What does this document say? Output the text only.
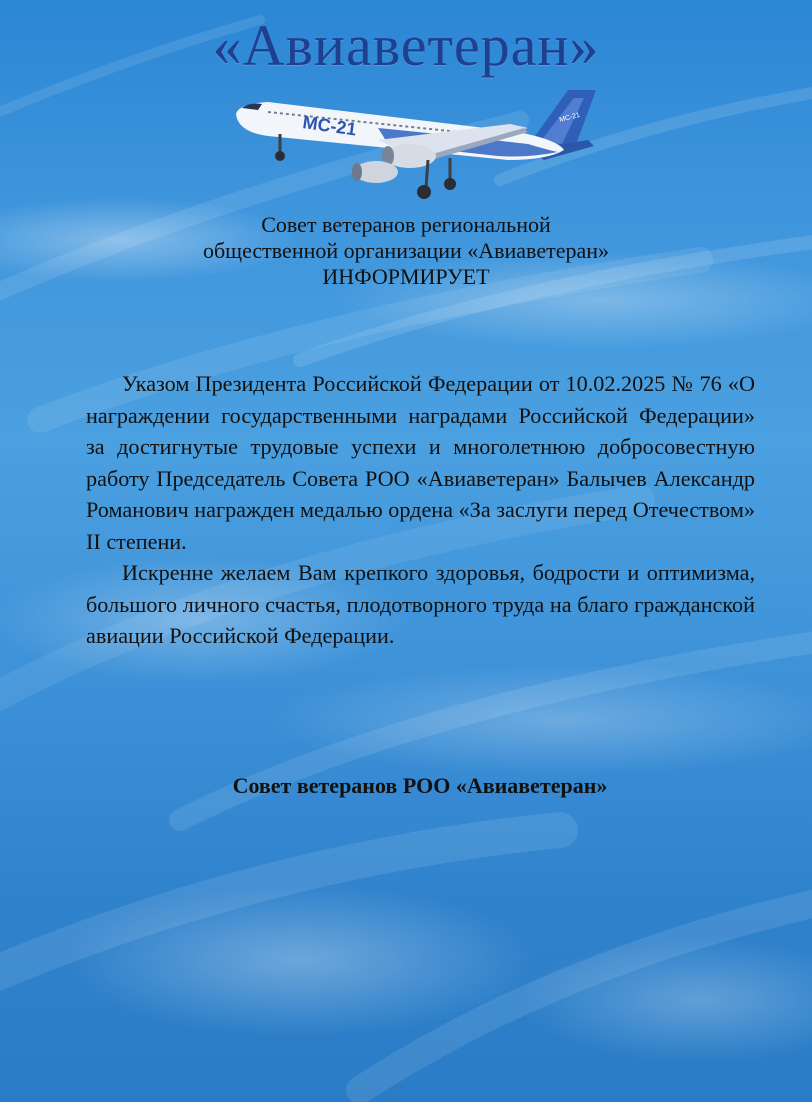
«Авиаветеран»
МС-21	МС-21
Совет ветеранов региональной
общественной организации «Авиаветеран»
ИНФОРМИРУЕТ

Указом Президента Российской Федерации от 10.02.2025 № 76 «О награждении государственными наградами Российской Федерации» за достигнутые трудовые успехи и многолетнюю добросовестную работу Председатель Совета РОО «Авиаветеран» Балычев Александр Романович награжден медалью ордена «За заслуги перед Отечеством» II степени.

Искренне желаем Вам крепкого здоровья, бодрости и оптимизма, большого личного счастья, плодотворного труда на благо гражданской авиации Российской Федерации.

Совет ветеранов РОО «Авиаветеран»
